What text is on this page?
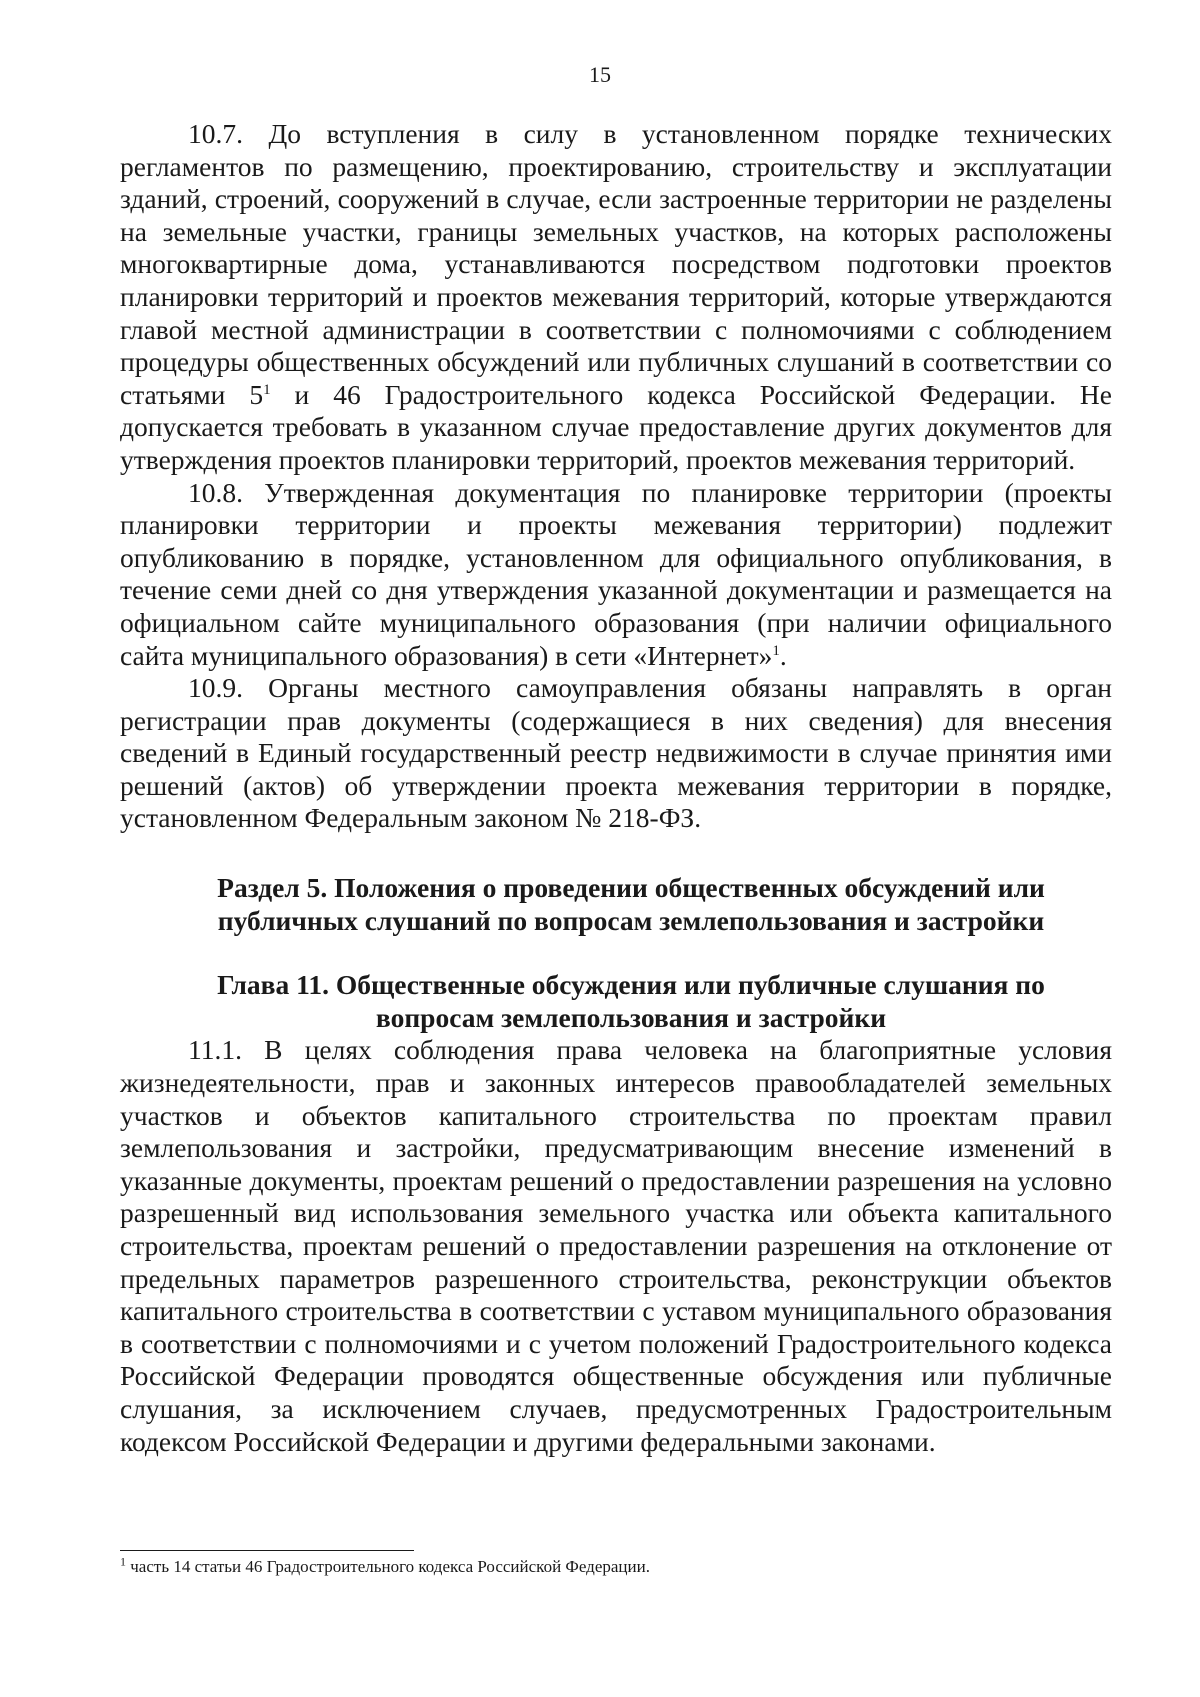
15

10.7. До вступления в силу в установленном порядке технических регламентов по размещению, проектированию, строительству и эксплуатации зданий, строений, сооружений в случае, если застроенные территории не разделены на земельные участки, границы земельных участков, на которых расположены многоквартирные дома, устанавливаются посредством подготовки проектов планировки территорий и проектов межевания территорий, которые утверждаются главой местной администрации в соответствии с полномочиями с соблюдением процедуры общественных обсуждений или публичных слушаний в соответствии со статьями $5^1$ и 46 Градостроительного кодекса Российской Федерации. Не допускается требовать в указанном случае предоставление других документов для утверждения проектов планировки территорий, проектов межевания территорий.

10.8. Утвержденная документация по планировке территории (проекты планировки территории и проекты межевания территории) подлежит опубликованию в порядке, установленном для официального опубликования, в течение семи дней со дня утверждения указанной документации и размещается на официальном сайте муниципального образования (при наличии официального сайта муниципального образования) в сети «Интернет»$^1$.

10.9. Органы местного самоуправления обязаны направлять в орган регистрации прав документы (содержащиеся в них сведения) для внесения сведений в Единый государственный реестр недвижимости в случае принятия ими решений (актов) об утверждении проекта межевания территории в порядке, установленном Федеральным законом № 218-ФЗ.

Раздел 5. Положения о проведении общественных обсуждений или
публичных слушаний по вопросам землепользования и застройки
Глава 11. Общественные обсуждения или публичные слушания по
вопросам землепользования и застройки

11.1. В целях соблюдения права человека на благоприятные условия жизнедеятельности, прав и законных интересов правообладателей земельных участков и объектов капитального строительства по проектам правил землепользования и застройки, предусматривающим внесение изменений в указанные документы, проектам решений о предоставлении разрешения на условно разрешенный вид использования земельного участка или объекта капитального строительства, проектам решений о предоставлении разрешения на отклонение от предельных параметров разрешенного строительства, реконструкции объектов капитального строительства в соответствии с уставом муниципального образования в соответствии с полномочиями и с учетом положений Градостроительного кодекса Российской Федерации проводятся общественные обсуждения или публичные слушания, за исключением случаев, предусмотренных Градостроительным кодексом Российской Федерации и другими федеральными законами.

$^1$ часть 14 статьи 46 Градостроительного кодекса Российской Федерации.
